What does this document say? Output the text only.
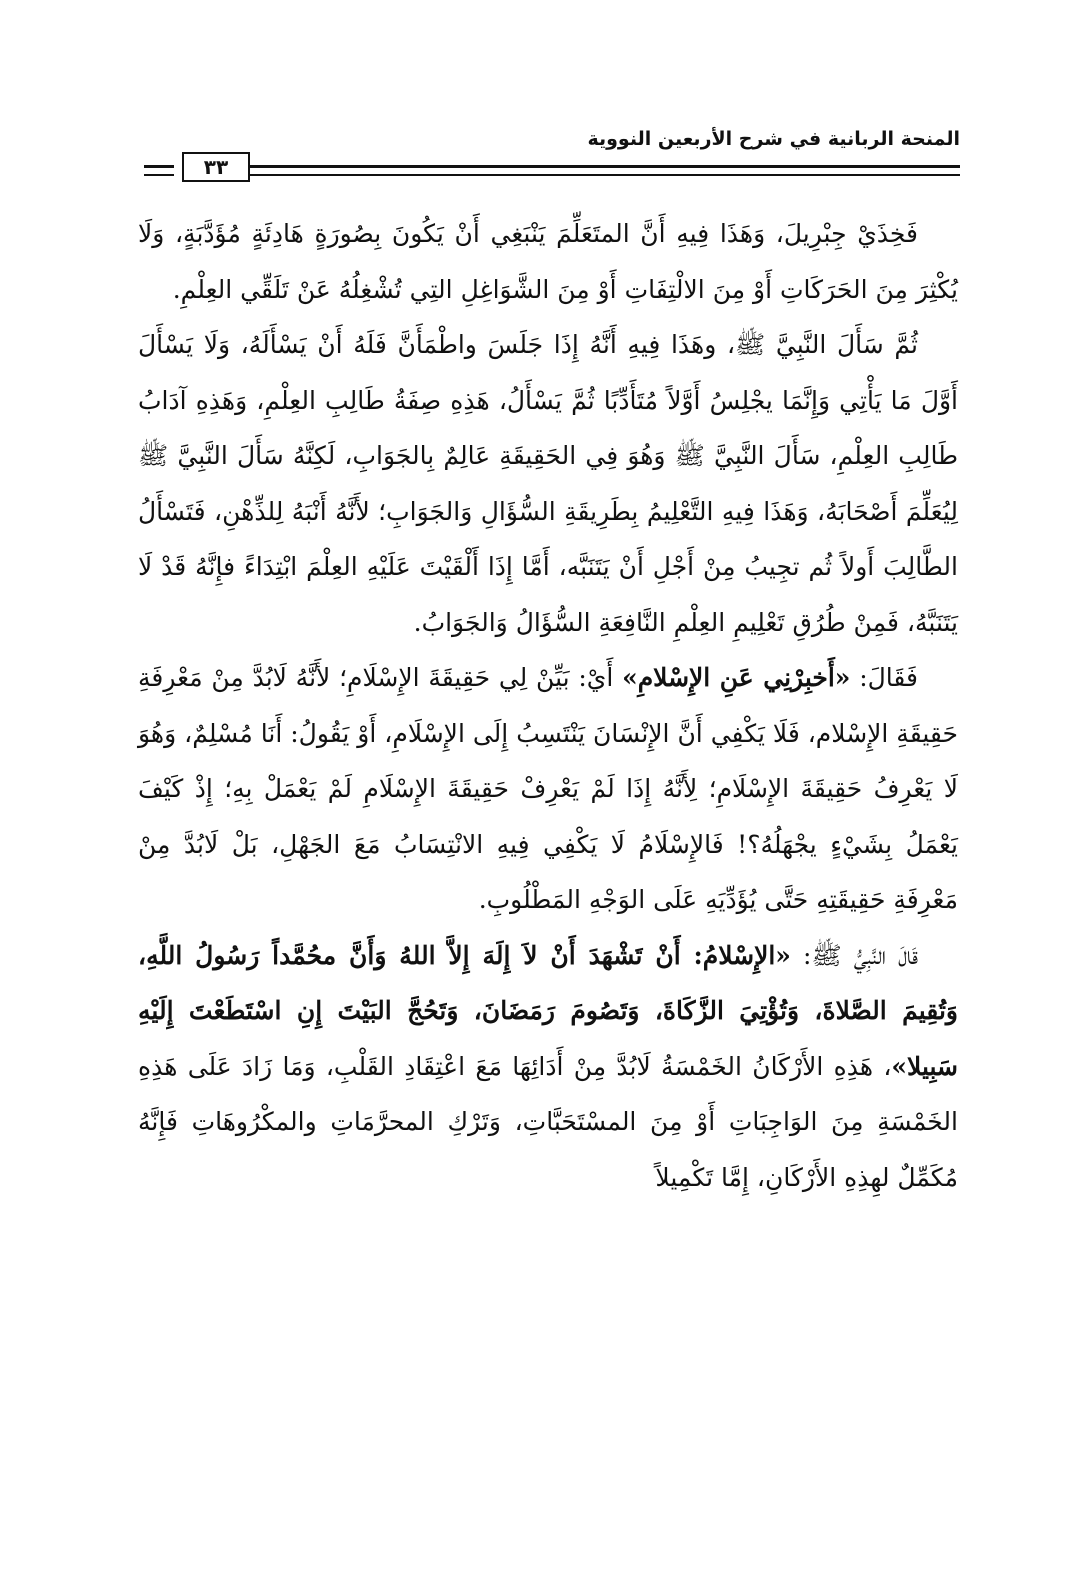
المنحة الربانية في شرح الأربعين النووية
٣٣

فَخِذَيْ جِبْرِيلَ، وَهَذَا فِيهِ أَنَّ المتَعَلِّمَ يَنْبَغِي أَنْ يَكُونَ بِصُورَةٍ هَادِئَةٍ مُؤَدَّبَةٍ، وَلَا يُكْثِرَ مِنَ الحَرَكَاتِ أَوْ مِنَ الالْتِفَاتِ أَوْ مِنَ الشَّوَاغِلِ التِي تُشْغِلُهُ عَنْ تَلَقِّي العِلْمِ.

ثُمَّ سَأَلَ النَّبِيَّ ﷺ، وهَذَا فِيهِ أَنَّهُ إِذَا جَلَسَ واطْمَأَنَّ فَلَهُ أَنْ يَسْأَلَهُ، وَلَا يَسْأَلَ أَوَّلَ مَا يَأْتِي وَإِنَّمَا يجْلِسُ أَوَّلاً مُتَأَدِّبًا ثُمَّ يَسْأَلُ، هَذِهِ صِفَةُ طَالِبِ العِلْمِ، وَهَذِهِ آدَابُ طَالِبِ العِلْمِ، سَأَلَ النَّبِيَّ ﷺ وَهُوَ فِي الحَقِيقَةِ عَالِمٌ بِالجَوَابِ، لَكِنَّهُ سَأَلَ النَّبِيَّ ﷺ لِيُعَلِّمَ أَصْحَابَهُ، وَهَذَا فِيهِ التَّعْلِيمُ بِطَرِيقَةِ السُّؤَالِ وَالجَوَابِ؛ لأَنَّهُ أَنْبَهُ لِلذِّهْنِ، فَتَسْأَلُ الطَّالِبَ أَولاً ثُم تجِيبُ مِنْ أَجْلِ أَنْ يَتَنَبَّه، أَمَّا إِذَا أَلْقَيْتَ عَلَيْهِ العِلْمَ ابْتِدَاءً فإِنَّهُ قَدْ لَا يَتَنَبَّهُ، فَمِنْ طُرُقِ تَعْلِيمِ العِلْمِ النَّافِعَةِ السُّؤَالُ وَالجَوَابُ.

فَقَالَ: «أَخبِرْنِي عَنِ الإِسْلامِ» أَيْ: بَيِّنْ لِي حَقِيقَةَ الإِسْلَامِ؛ لأَنَّهُ لَابُدَّ مِنْ مَعْرِفَةِ حَقِيقَةِ الإِسْلام، فَلَا يَكْفِي أَنَّ الإِنْسَانَ يَنْتَسِبُ إِلَى الإِسْلَامِ، أَوْ يَقُولُ: أَنَا مُسْلِمٌ، وَهُوَ لَا يَعْرِفُ حَقِيقَةَ الإِسْلَامِ؛ لِأَنَّهُ إِذَا لَمْ يَعْرِفْ حَقِيقَةَ الإِسْلَامِ لَمْ يَعْمَلْ بِهِ؛ إِذْ كَيْفَ يَعْمَلُ بِشَيْءٍ يجْهَلُهُ؟! فَالإِسْلَامُ لَا يَكْفِي فِيهِ الانْتِسَابُ مَعَ الجَهْلِ، بَلْ لَابُدَّ مِنْ مَعْرِفَةِ حَقِيقَتِهِ حَتَّى يُؤَدِّيَهِ عَلَى الوَجْهِ المَطْلُوبِ.

قَالَ النَّبِيُّ ﷺ: «الإِسْلامُ: أَنْ تَشْهَدَ أَنْ لاَ إِلَهَ إِلاَّ اللهُ وَأَنَّ محُمَّداً رَسُولُ اللَّهِ، وَتُقِيمَ الصَّلاةَ، وَتُؤْتِيَ الزَّكَاةَ، وَتَصُومَ رَمَضَانَ، وَتَحُجَّ البَيْتَ إِنِ اسْتَطَعْتَ إِلَيْهِ سَبِيلا»، هَذِهِ الأَرْكَانُ الخَمْسَةُ لَابُدَّ مِنْ أَدَائِهَا مَعَ اعْتِقَادِ القَلْبِ، وَمَا زَادَ عَلَى هَذِهِ الخَمْسَةِ مِنَ الوَاجِبَاتِ أَوْ مِنَ المسْتَحَبَّاتِ، وَتَرْكِ المحرَّمَاتِ والمكْرُوهَاتِ فَإِنَّهُ مُكَمِّلٌ لهِذِهِ الأَرْكَانِ، إِمَّا تَكْمِيلاً
